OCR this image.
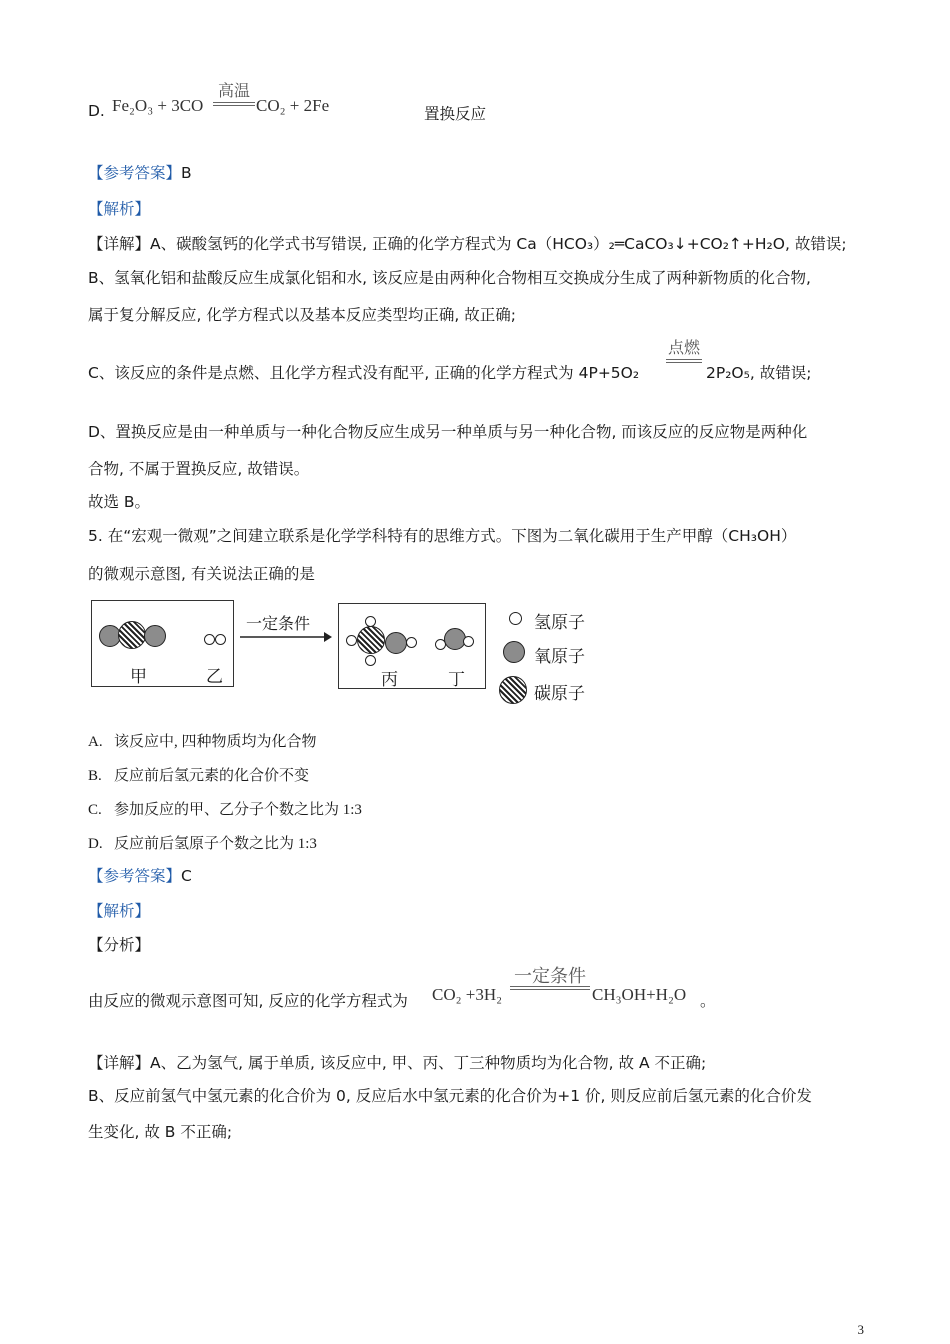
D. Fe₂O₃ + 3CO
高温
CO₂ + 2Fe	置换反应
【参考答案】B
【解析】
【详解】A、碳酸氢钙的化学式书写错误, 正确的化学方程式为 Ca（HCO₃）₂═CaCO₃↓+CO₂↑+H₂O, 故错误;
B、氢氧化铝和盐酸反应生成氯化铝和水, 该反应是由两种化合物相互交换成分生成了两种新物质的化合物,
属于复分解反应, 化学方程式以及基本反应类型均正确, 故正确;
C、该反应的条件是点燃、且化学方程式没有配平, 正确的化学方程式为 4P+5O₂
点燃
2P₂O₅, 故错误;
D、置换反应是由一种单质与一种化合物反应生成另一种单质与另一种化合物, 而该反应的反应物是两种化
合物, 不属于置换反应, 故错误。
故选 B。
5. 在“宏观一微观”之间建立联系是化学学科特有的思维方式。下图为二氧化碳用于生产甲醇（CH₃OH）
的微观示意图, 有关说法正确的是
甲	乙
一定条件
丙	丁
氢原子
氧原子
碳原子
A. 该反应中, 四种物质均为化合物
B. 反应前后氢元素的化合价不变
C. 参加反应的甲、乙分子个数之比为 1:3
D. 反应前后氢原子个数之比为 1:3
【参考答案】C
【解析】
【分析】
由反应的微观示意图可知, 反应的化学方程式为 CO₂ +3H₂
一定条件
CH₃OH+H₂O 。
【详解】A、乙为氢气, 属于单质, 该反应中, 甲、丙、丁三种物质均为化合物, 故 A 不正确;
B、反应前氢气中氢元素的化合价为 0, 反应后水中氢元素的化合价为+1 价, 则反应前后氢元素的化合价发
生变化, 故 B 不正确;
3
